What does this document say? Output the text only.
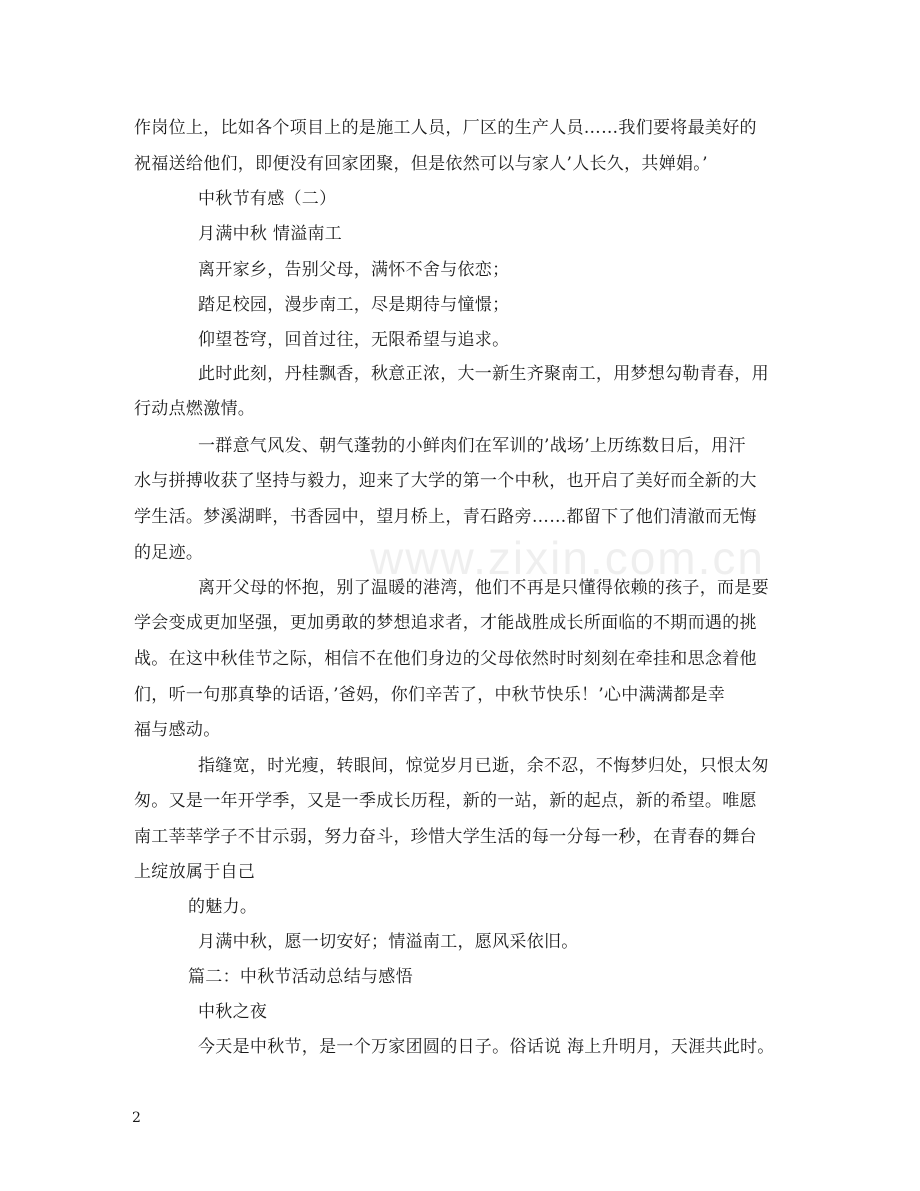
www.zixin.com.cn
作岗位上，比如各个项目上的是施工人员，厂区的生产人员……我们要将最美好的
祝福送给他们，即便没有回家团聚，但是依然可以与家人’人长久，共婵娟。’
中秋节有感（二）
月满中秋 情溢南工
离开家乡，告别父母，满怀不舍与依恋；
踏足校园，漫步南工，尽是期待与憧憬；
仰望苍穹，回首过往，无限希望与追求。
此时此刻，丹桂飘香，秋意正浓，大一新生齐聚南工，用梦想勾勒青春，用
行动点燃激情。
一群意气风发、朝气蓬勃的小鲜肉们在军训的’战场’上历练数日后，用汗
水与拼搏收获了坚持与毅力，迎来了大学的第一个中秋，也开启了美好而全新的大
学生活。梦溪湖畔，书香园中，望月桥上，青石路旁……都留下了他们清澈而无悔
的足迹。
离开父母的怀抱，别了温暖的港湾，他们不再是只懂得依赖的孩子，而是要
学会变成更加坚强，更加勇敢的梦想追求者，才能战胜成长所面临的不期而遇的挑
战。在这中秋佳节之际，相信不在他们身边的父母依然时时刻刻在牵挂和思念着他
们，听一句那真挚的话语，’爸妈，你们辛苦了，中秋节快乐！’心中满满都是幸
福与感动。
指缝宽，时光瘦，转眼间，惊觉岁月已逝，余不忍，不悔梦归处，只恨太匆
匆。又是一年开学季，又是一季成长历程，新的一站，新的起点，新的希望。唯愿
南工莘莘学子不甘示弱，努力奋斗，珍惜大学生活的每一分每一秒，在青春的舞台
上绽放属于自己
的魅力。
月满中秋，愿一切安好；情溢南工，愿风采依旧。
篇二：中秋节活动总结与感悟
中秋之夜
今天是中秋节，是一个万家团圆的日子。俗话说 海上升明月，天涯共此时。
2
